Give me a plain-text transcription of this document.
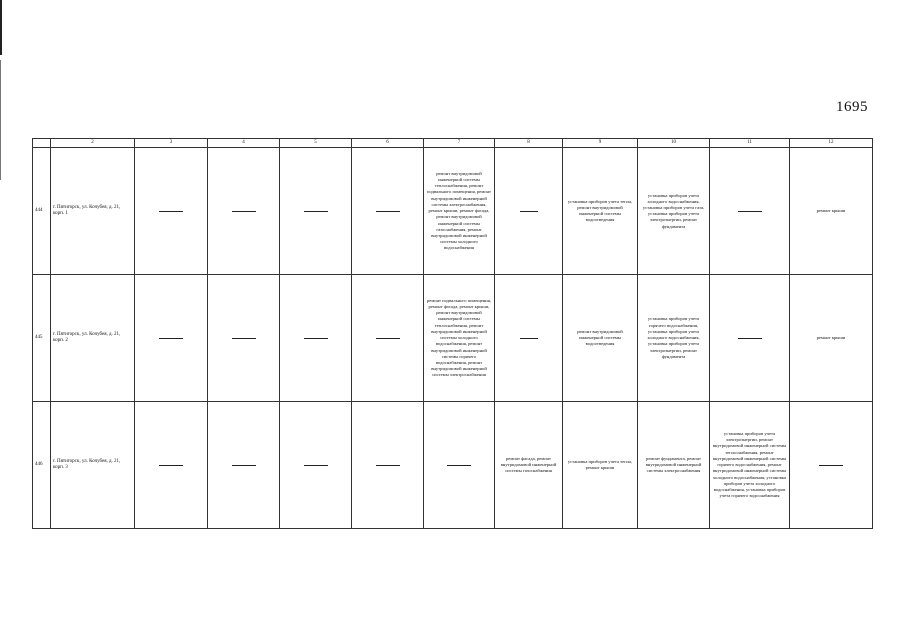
1695
	2	3	4	5	6	7	8	9	10	11	12
444	г. Пятигорск, ул. Кочубея, д. 21, корп. 1					ремонт внутридомовой инженерной системы теплоснабжения, ремонт подвального помещения, ремонт внутридомовой инженерной системы электроснабжения, ремонт крыши, ремонт фасада, ремонт внутридомовой инженерной системы газоснабжения, ремонт внутридомовой инженерной системы холодного водоснабжения		установка приборов учета тепла, ремонт внутридомовой инженерной системы водоотведения	установка приборов учета холодного водоснабжения, установка приборов учета газа, установка приборов учета электроэнергии, ремонт фундамента		ремонт крыши
445	г. Пятигорск, ул. Кочубея, д. 21, корп. 2					ремонт подвального помещения, ремонт фасада, ремонт крыши, ремонт внутридомовой инженерной системы теплоснабжения, ремонт внутридомовой инженерной системы холодного водоснабжения, ремонт внутридомовой инженерной системы горячего водоснабжения, ремонт внутридомовой инженерной системы электроснабжения		ремонт внутридомовой инженерной системы водоотведения	установка приборов учета горячего водоснабжения, установка приборов учета холодного водоснабжения, установка приборов учета электроэнергии, ремонт фундамента		ремонт крыши
446	г. Пятигорск, ул. Кочубея, д. 21, корп. 3						ремонт фасада, ремонт внутридомовой инженерной системы газоснабжения	установка приборов учета тепла, ремонт крыши	ремонт фундамента, ремонт внутридомовой инженерной системы электроснабжения	установка приборов учета электроэнергии, ремонт внутридомовой инженерной системы теплоснабжения, ремонт внутридомовой инженерной системы горячего водоснабжения, ремонт внутридомовой инженерной системы холодного водоснабжения, установка приборов учета холодного водоснабжения, установка приборов учета горячего водоснабжения	
